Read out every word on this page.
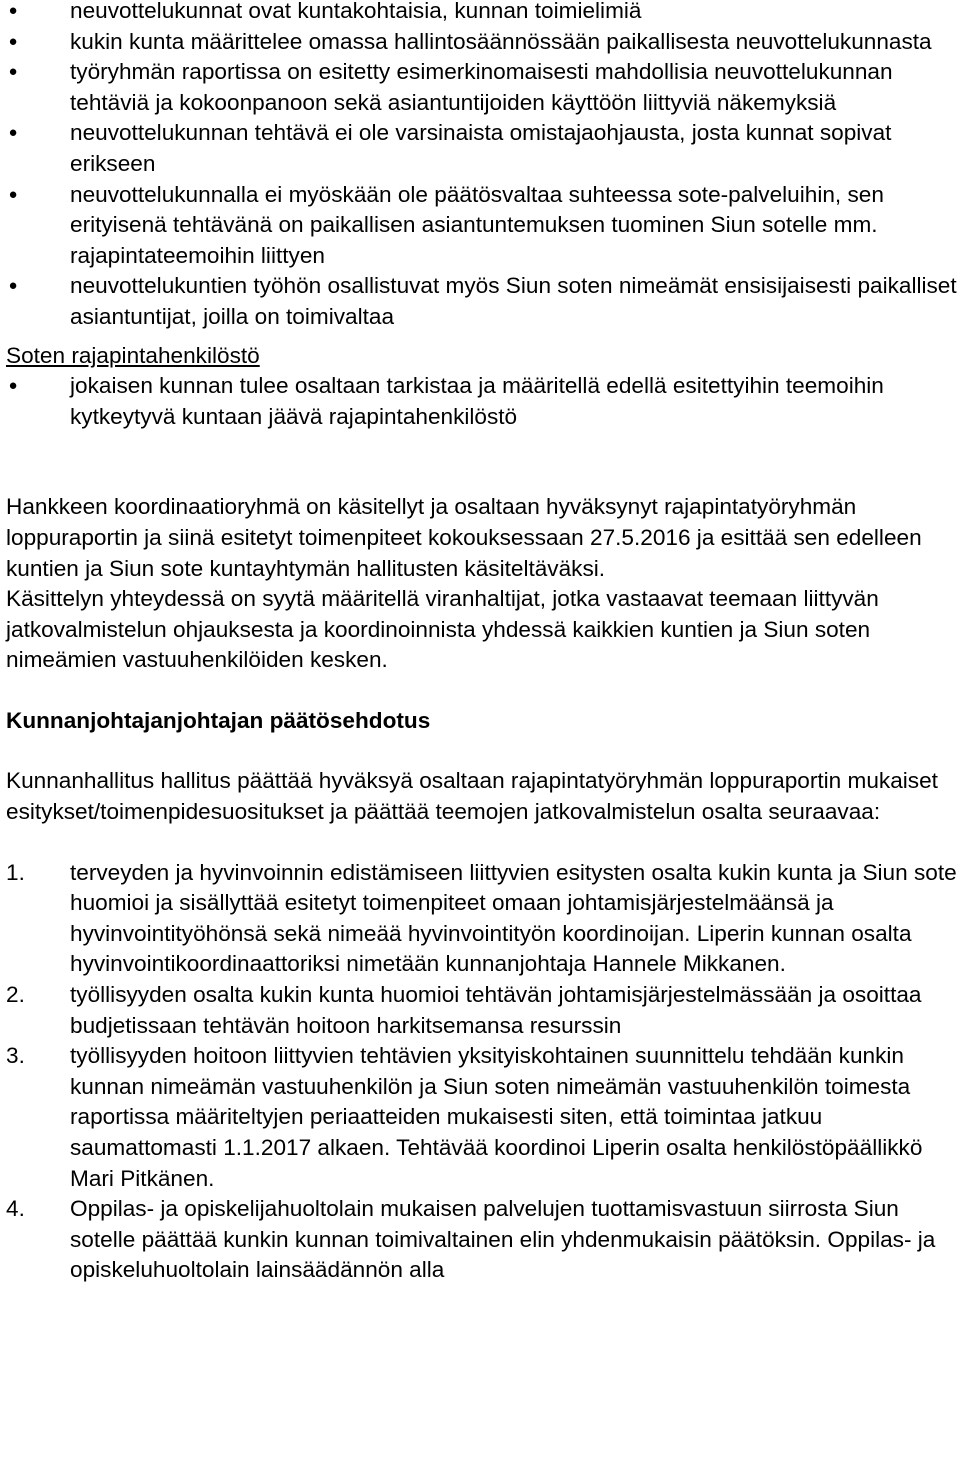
● neuvottelukunnat ovat kuntakohtaisia, kunnan toimielimiä
● kukin kunta määrittelee omassa hallintosäännössään paikallisesta neuvottelukunnasta
● työryhmän raportissa on esitetty esimerkinomaisesti mahdollisia neuvottelukunnan tehtäviä ja kokoonpanoon sekä asiantuntijoiden käyttöön liittyviä näkemyksiä
● neuvottelukunnan tehtävä ei ole varsinaista omistajaohjausta, josta kunnat sopivat erikseen
● neuvottelukunnalla ei myöskään ole päätösvaltaa suhteessa sote-palveluihin, sen erityisenä tehtävänä on paikallisen asiantuntemuksen tuominen Siun sotelle mm. rajapintateemoihin liittyen
● neuvottelukuntien työhön osallistuvat myös Siun soten nimeämät ensisijaisesti paikalliset asiantuntijat, joilla on toimivaltaa
Soten rajapintahenkilöstö
● jokaisen kunnan tulee osaltaan tarkistaa ja määritellä edellä esitettyihin teemoihin kytkeytyvä kuntaan jäävä rajapintahenkilöstö

Hankkeen koordinaatioryhmä on käsitellyt ja osaltaan hyväksynyt rajapintatyöryhmän loppuraportin ja siinä esitetyt toimenpiteet kokouksessaan 27.5.2016 ja esittää sen edelleen kuntien ja Siun sote kuntayhtymän hallitusten käsiteltäväksi.

Käsittelyn yhteydessä on syytä määritellä viranhaltijat, jotka vastaavat teemaan liittyvän jatkovalmistelun ohjauksesta ja koordinoinnista yhdessä kaikkien kuntien ja Siun soten nimeämien vastuuhenkilöiden kesken.

Kunnanjohtajanjohtajan päätösehdotus

Kunnanhallitus hallitus päättää hyväksyä osaltaan rajapintatyöryhmän loppuraportin mukaiset esitykset/toimenpidesuositukset ja päättää teemojen jatkovalmistelun osalta seuraavaa:

1. terveyden ja hyvinvoinnin edistämiseen liittyvien esitysten osalta kukin kunta ja Siun sote huomioi ja sisällyttää esitetyt toimenpiteet omaan johtamisjärjestelmäänsä ja hyvinvointityöhönsä sekä nimeää hyvinvointityön koordinoijan. Liperin kunnan osalta hyvinvointikoordinaattoriksi nimetään kunnanjohtaja Hannele Mikkanen.
2. työllisyyden osalta kukin kunta huomioi tehtävän johtamisjärjestelmässään ja osoittaa budjetissaan tehtävän hoitoon harkitsemansa resurssin
3. työllisyyden hoitoon liittyvien tehtävien yksityiskohtainen suunnittelu tehdään kunkin kunnan nimeämän vastuuhenkilön ja Siun soten nimeämän vastuuhenkilön toimesta raportissa määriteltyjen periaatteiden mukaisesti siten, että toimintaa jatkuu saumattomasti 1.1.2017 alkaen. Tehtävää koordinoi Liperin osalta henkilöstöpäällikkö Mari Pitkänen.
4. Oppilas- ja opiskelijahuoltolain mukaisen palvelujen tuottamisvastuun siirrosta Siun sotelle päättää kunkin kunnan toimivaltainen elin yhdenmukaisin päätöksin. Oppilas- ja opiskeluhuoltolain lainsäädännön alla
